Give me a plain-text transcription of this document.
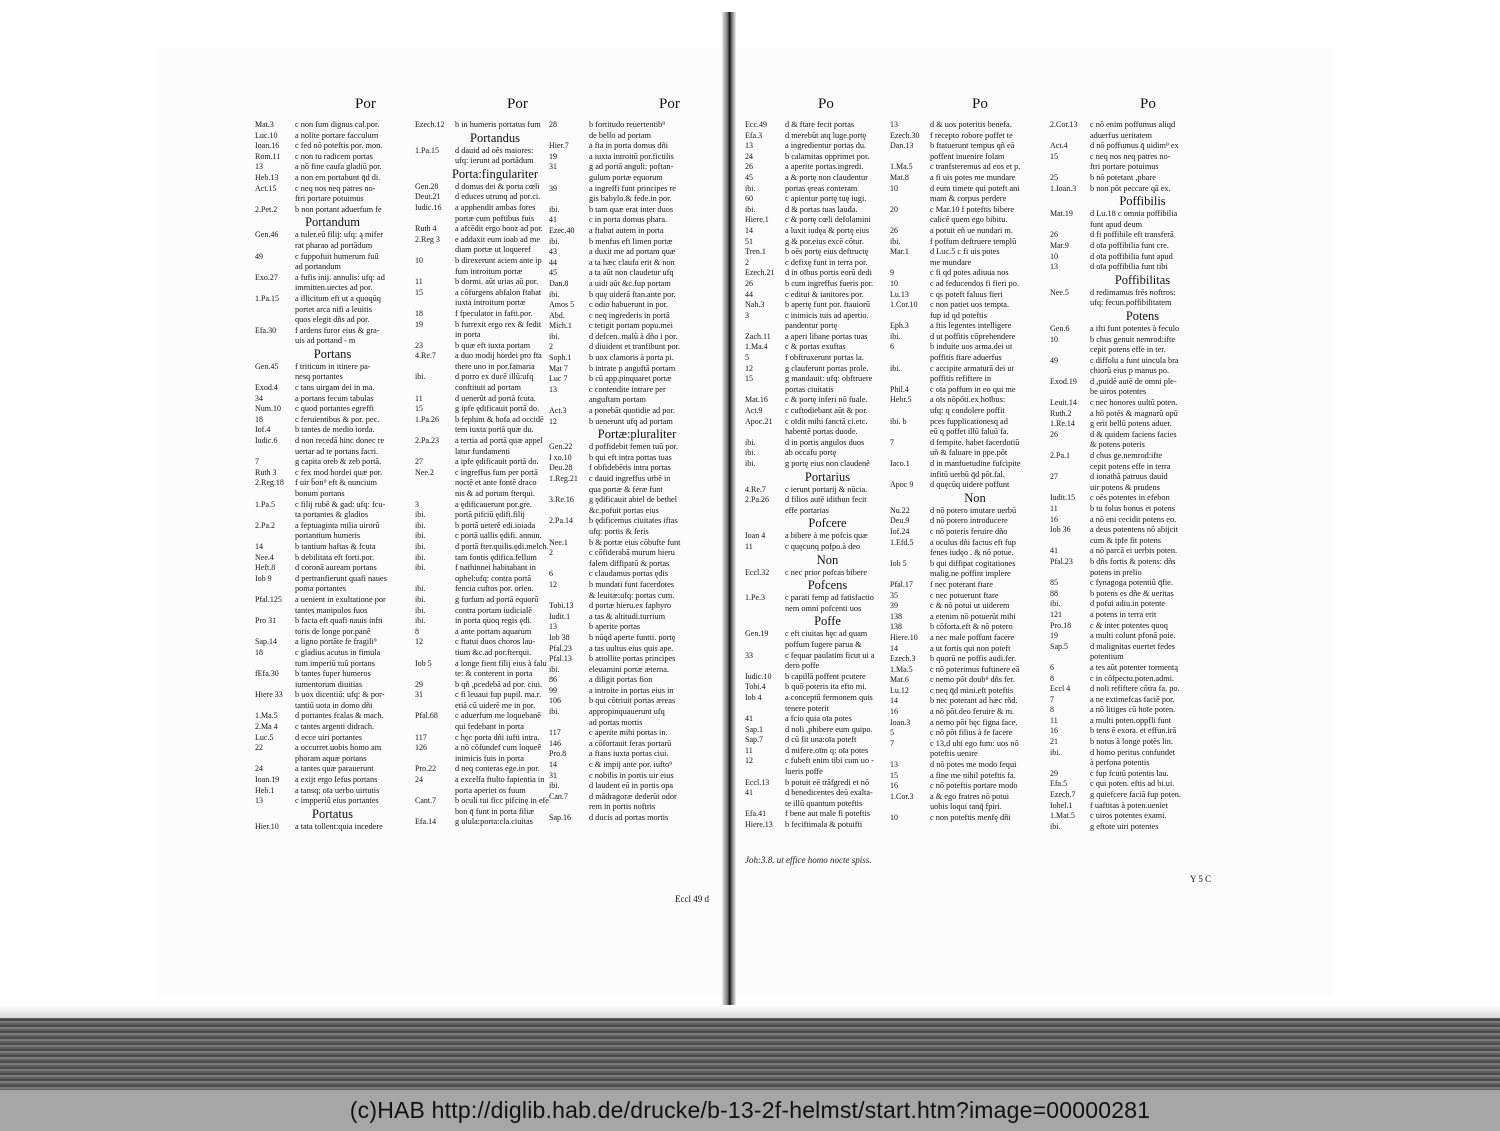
Por	Por	Por
Mat.3	c non fum dignus cal.por.
Luc.10 a nolite portare facculum
Ioan.16 c fed nō poteftis por. mon.
Rom.11 c non tu radicem portas
13	a nō fine caufa gladiū por.
Heb.13 a non em portabunt q̄d di.
Act.15 c neq nos neq patres no-
ftri portare potuimus
2.Pet.2 b non portant aduerfum fe
Portandum
Gen.46 a tuler.eū filij: ufq: ą mifer
rat pharao ad portādum
49	c fuppofuit humerum fuū
ad portandum
Exo.27 a fufis inij. annulis: ufq: ad
immitten.uectes ad por.
1.Pa.15 a illicitum eft ut a quoqūq
portet arca nifi a leuitis
quos elegit dñs ad por.
Efa.30 f ardens furor eius & gra-
uis ad portand - m
Portans
Gen.45 f triticum in itinere pa-
nesq portantes
Exod.4 c tans uirgam dei in ma.
34	a portans fecum tabulas
Num.10 c quod portantes egreffi
18	c feruientibus & por. pec.
Iof.4	b tantes de medio iorda.
Iudic.6 d non recedā hinc donec re
uertar ad te portans facri.
7	g capita oreb & zeb portā.
Ruth 3 c fex mod hordei quæ por.
2.Reg.18 f uir b̄on⁹ eft & nuncium
bonum portans
1.Pa.5 c filij rubē & gad: ufq: fcu-
ta portantes & gladios
2.Pa.2 a feptuaginta milia uirorū
portantium humeris
14	b tantium haftas & fcuta
Nee.4	b debilitata eft forti.por.
Heft.8 d coronā auream portans
Iob 9	d pertranfierunt quafi naues
poma portantes
Pfal.125 a uenient in exultatione por
tantes manipulos fuos
Pro 31 b facta eft quafi nauis infti
toris de longe por.panē
Sap.14 a ligno portāte fe fragili⁹
18	c gladius acutus in fimula
tum imperiū tuū portans
fEfa.30 b tantes fuper humeros
iumentorum diuitias
Hiere 33 b uox dicentiū: ufq: & por-
tantiū uota in domo dñi
1.Ma.5 d portantes fcalas & mach.
2.Ma 4 c tantes argenti didrach.
Luc.5	d ecce uiri portantes
22	a occurret uobis homo am
phoram aquæ portans
24	a tantes quæ parauerunt
Ioan.19 a exijt ergo Iefus portans
Heb.1 a tansq; oīa uerbo uirtutis
13	c impperiū eius portantes
Portatus
Hier.10 a tata tollent:quia incedere
Ezech.12 b in humeris portatus fum
Portandus
1.Pa.15 d dauid ad oēs maiores:
ufq: ierunt ad portādum
Porta:fingulariter
Gen.28 d domus dei & porta cœli
Deut.21 d educes utrunq ad por.ci.
Iudic.16 a apphendit ambas fores
portæ cum poftibus fuis
Ruth 4 a afcēdit ergo booz ad por.
2.Reg 3 e addaxit eum ioab ad me
diam portæ ut loqueref
10	b direxerunt aciem ante ip
fum introitum portæ
11	b dormi. aūt urias aū por.
15	a cōfurgens abfalon ftabat
iuxta introitum portæ
18	f fpeculator in fafti.por.
19	b furrexit ergo rex & fedit
in porta
23	b quæ eft iuxta portam
4.Re.7 a duo modij hordei pro fta
there uno in por.famaria
ibi.	d porro ex ducē illū:ufq
conftituit ad portam
11	d uenerūt ad portā fcuta.
15	g ipfe ędificauit portā do.
1.Pa.26 b fephim & hofa ad occidē
tem iuxta portā quæ du.
2.Pa.23 a tertia ad portā quæ appel
latur fundamenti
27	a ipfe ędificauit portā do.
Nee.2	c ingreffus fum per portā
noctē et ante fontē draco
nis & ad portam fterqui.
3	a ędificauerunt por.gre.
ibi.	portā pifciū ędifi.filij
ibi.	b portā ueterē edi.ioiada
ibi.	c portā uallis ędifi. annun.
ibi.	d portā fter.quilis.ędi.melch.
ibi.	tam fontis ędifica.fellum
ibi.	f nathinnei habitabant in
ophel:ufq: contra portā
ibi.	fencia cuftos por. orien.
ibi.	g furfum ad portā equorū
ibi.	contra portam iudicialē
ibi.	in porta quoq regis ędi.
8	a ante portam aquarum
12	c ftatui duos choros lau-
tium &c.ad por.fterqui.
Iob 5	a longe fient filij eius à falu
te: & conterent in porta
29	b qñ ,pcedebā ad por. ciui.
31	c fi leuaui fup pupil. ma.r.
etiā cū uiderē me in por.
Pfal.68 c aduerfum me loquebanē
qui fedebant in porta
117	c hęc porta dñi iufti intra.
126	a nō cōfundef cum loqueē
inimicis fuis in porta
Pro.22 d neq conteras ege.in por.
24	a excelfa ftulto fapientia in
porta aperiet os fuum
Cant.7 b oculi tui ficc pifcinę in efe
bon q̄ funt in porta filiæ
Efa.14 g ulula:porta:cla.ciuitas
28	b fortitudo reuertentib⁹
de bello ad portam
Hier.7 a fta in porta domus dñi
19	a iuxta introitū por.fictilis
31	g ad portā anguli: poftan-
gulum portæ equorum
39	a ingreffi funt principes re
gis babylo.& fede.in por.
ibi.	b tam quæ erat inter duos
41	c in porta domus phara.
Ezec.40 a ftabat autem in porta
ibi.	b menfus eft limen portæ
43	a duxit me ad portam quæ
44	a ta hæc claufa erit & non
45	a ta aūt non claudetur ufq
Dan.8 a uidi aūt &c.fup portam
ibi.	b quę uiderā ftan.ante por.
Amos 5 c odio habuerunt in por.
Abd.	c neq ingrederis in portā
Mich.1 c tetigit portam popu.mei
ibi.	d defcen. malū à dño i por.
2	d diuident et tranfibunt por.
Soph.1 b uox clamoris à porta pi.
Mat 7	b intrate p anguftā portam
Luc 7	b cū app.pinquaret portæ
13	c contendite intrare per
anguftam portam
Act.3	a ponebāt quotidie ad por.
12	b uenerunt ufq ad portam
Portæ:pluraliter
Gen.22 d poffidebit femen tuū por.
I xo.10 b qui eft intra portas tuas
Deu.28 f obfidebēris intra portas
1.Reg.21 c dauid ingreffus urbē in
qua portæ & feræ funt
3.Re.16 g ędificauit abiel de bethel
&c.pofuit portas eius
2.Pa.14 b ędificemus ciuitates iftas
ufq: portis & feris
Nee.1	b & portæ eius cōbufte funt
2	c cōfiderabā murum hieru
falem diffipatū & portas
6	c claudamus portas ędis
12	b mundati funt facerdotes
& leuitæ:ufq: portas cum.
Tobi.13 d portæ hieru.ex faphyro
Iudit.1 a tas & altitudi.turrium
13	b aperite portas
Iob 38 b nūqd aperte funtti. portę
Pfal.23 a tas uultus eius quis ape.
Pfal.13 b attollite portas principes
ibi.	eleuamini portæ æterna.
86	a diligit portas fion
99	a introite in portas eius in
106	b qui cōtriuit portas æreas
ibi.	appropinquauerunt ufq
ad portas mortis
117	c aperite mihi portas in.
146	a cōfortauit feras portarū
Pro.8	a ftans iuxta portas ciui.
14	c & impij ante por. iufto⁹
31	c nobilis in portis uir eius
ibi.	d laudent eū in portis opa
Can.7	d mādragoræ dederūt odor
rem in portis noftris
Sap.16 d ducis ad portas mortis
Eccl 49 d
Po	Po	Po
Ecc.49 d & ftare fecit portas
Efa.3	d merebūt atq luge.portę
13	a ingredientur portas du.
24	b calamitas opprimet por.
26	a aperite portas.ingredi.
45	a & portę non claudentur
ibi.	portas ęreas conteram
60	c apientur portę tuę iugi.
ibi.	d & portas tuas lauda.
Hiere.1 c & portę cœli defolamini
14	a luxit iudęa & portę eius
51	g & por.eius excē cōtur.
Tren.1 b oēs portę eius deftructę
2	c defixę funt in terra por.
Ezech.21 d in oībus portis eorū dedi
26	b cum ingreffus fueris por.
44	c editui & ianitores por.
Nah.3 b apertę funt por. ftauiorū
3	c inimicis tuis ad apertio.
pandentur portę
Zach.11 a aperi libane portas tuas
1.Ma.4 c & portas exuftas
5	f obftruxerunt portas la.
12	g clauferunt portas prole.
15	g mandauit: ufq: obftruere
portas ciuitatis
Mat.16 c & portę inferi nō fuale.
Act.9	c cuftodiebant aūt & por.
Apoc.21 c oīdit mihi fanctā ci.etc.
habentē portas duode.
ibi.	d in portis angulos duos
ibi.	ab occafu portę
ibi.	g portę eius non claudenē
Portarius
4.Re.7 c ierunt portarij & nūcia.
2.Pa.26 d filios autē idithun fecit
effe portarias
Pofcere
Ioan 4 a bibere à me pofcis quæ
11	c quęcunq pofpo.à deo
Non
Eccl.32 c nec prior pofcas bibere
Pofcens
1.Pe.3 c parati femp ad fatisfactio
nem omni pofcenti uos
Poffe
Gen.19 c eft ciuitas hęc ad quam
poffum fugere parua &
33	c fequar paulatim ficut ui a
dero poffe
Iudic.10 b capillā poffent pcutere
Tobi.4 b quō poteris ita efto mi.
Iob 4	a conceptū fermonem quis
tenere poterit
41	a fcio quia oīa potes
Sap.1	d noli ,phibere eum quipo.
Sap.7	d cū fit una:oīa poteft
11	d mifere.oīm q: oīa potes
12	c fubeft enim tibi cum uo -
lueris poffe
Eccl.13 b potuit eē trāfgredi et nō
41	d benedicentes deū exalta-
te illū quantum poteftis
Efa.41 f bene aut male fi poteftis
Hiere.13 b feciftimala & potuifti
13	d & uos poteritis benefa.
Ezech.30 f recepto robore poffet te
Dan.13 b ftatuerunt tempus qñ eā
poffent inuenire folam
1.Ma.5 c tranfsteremus ad eos et p.
Mat.8	a fi uis potes me mundare
10	d eum timete qui poteft ani
mam & corpus perdere
20	c Mar.10 f poteftis bibere
calicē quem ego bibitu.
26	a potuit eñ ue nundari m.
ibi.	f poffum deftruere templū
Mar.1	d Luc.5 c fi uis potes
me mundare
9	c fi qd potes adiuua nos
10	c ad feducendos fi fieri po.
Lu.13	c qs poteft faluus fieri
1.Cor.10 c non patiet uos tempta.
fup id qd poteftis
Eph.3	a ftis legentes intelligere
ibi.	d ut poffitis cōprehendere
6	b induite uos arma.dei ut
poffitis ftare aduerfus
ibi.	c accipite armaturā dei ut
poffitis refiftere in
Phil.4	c oīa poffum in eo qui me
Hebr.5 a oīs nōpōti.ex hoībus:
ufq: q condolere poffit
ibi. b	pces fupplicationesq ad
eū q poffet illū faluū fa.
7	d fempite. habet facerdotiū
uñ & faluare in ppe.pōt
Iaco.1 d in manfuetudine fufcipite
infitū uerbū q̄d pōt.fal.
Apoc 9 d quęcūq uidere poffunt
Non
Nu.22 d nō potero imutare uerbū
Deu.9 d nō potero introducere
Iof.24 c nō poteris feruire dño
1.Efd.5 a oculus dñi factus eft fup
fenes iudęo . & nō potue.
Iob 5	b qui diffipat cogitationes
malig.ne poffint implere
Pfal.17 f nec poterant ftare
35	c nec potuerunt ftare
39	c & nō potui ut uiderem
138	a etenim nō potuerūt mihi
138	b cōforta.eft & nō potero
Hiere.10 a nec male poffunt facere
14	a ut fortis qui non poteft
Ezech.3 b quorū ne poffis audi.fer.
1.Ma.5 c nō poterimus fuftinere eā
Mat.6	c nemo pōt doub⁹ dñs fer.
Lu.12	c neq q̄d mini.eft poteftis
14	b nec poterant ad hæc rñd.
16	a nō pōt.deo feruire & m.
Ioan.3 a nemo pōt hęc figna face.
5	c nō pōt filius à fe facere
7	c 13,d ubi ego fum: uos nō
poteftis uenire
13	d nō potes me modo fequi
15	a fine me nihil poteftis fa.
16	c nō poteftis portare modo
1.Cor.3 a & ego fratres nō potui
uobis loqui tanq̃ fpiri.
10	c non poteftis menfę dñi
2.Cor.13 c nō enim poffumus aliqd
aduerfus ueritatem
Act.4	d nō poffumus q̄ uidim⁹ ex
15	c neq nos neq patres no-
ftri portare potuimus
25	b nō potetant ,pbare
1.Ioan.3 b non pōt peccare qā ex.
Poffibilis
Mat.19 d Lu.18 c omnia poffibilia
funt apud deum
26	d fi poffibile eft transferā
Mar.9	d oīa poffibilia funt cre.
10	d oīa poffibilia funt apud
13	d oīa poffibilia funt tibi
Poffibilitas
Nee.5	d redimamus frēs noftros:
ufq: fecun.poffibilitatem
Potens
Gen.6 a ifti funt potentes à feculo
10	b chus genuit nemrod:ifte
cepit potens effe in ter.
49	c diffolu a funt uincula bra
chiorū eius p manus po.
Exod.19 d ,puidē autē de omni ple-
be uiros potentes
Leuit.14 c nec honores uultū poten.
Ruth.2 a hō potēs & magnarū opū
1.Re.14 g erit bellū potens aduer.
26	d & quidem faciens facies
& potens poteris
2.Pa.1 d chus ge.nemrod:ifte
cepit potens effe in terra
27	d ionathā patruus dauid
uir potens & prudens
Iudit.15 c oēs potentes in efebon
11	b tu folus bonus et potens
16	a nō eni cecidit potens eo.
Iob 36 a deus potentens nō abijcit
cum & ipfe fit potens
41	a nō parcā ei uerbis poten.
Pfal.23 b dñs fortis & potens: dñs
potens in prelio
85	c fynagoga potentiū q̄fie.
88	b potens es dñe & ueritas
ibi.	d pofui adiu.in potente
121	a potens in terra erit
Pro.18 c & inter potentes quoq
19	a multi colunt pfonā poie.
Sap.5	d malignitas euertet fedes
potentium
6	a tes aūt potenter tormentą
8	c in cōfpectu.poten.admi.
Eccl 4 d noli refiftere cōtra fa. po.
7	a ne extimefcas faciē por.
8	a nō litiges cū hoīe poten.
11	a multi poten.oppfli funt
16	b tens ē exora. et effun.irā
21	b notus à longe potēs lin.
ibi.	d homo peritus confundet
à perfona potentis
29	c fup fcutū potentis lau.
Efa.5	c qui poten. eftis ad bi.ui.
Ezech.7 g quiefcere faciā fup poten.
Iohel.1 f uaftitas à poten.ueniet
1.Mat.5 c uiros potentes exami.
ibi.	g eftote uiri potentes
Y 5 C
Joh:3.8. ut effice homo nocte spiss.
(c)HAB http://diglib.hab.de/drucke/b-13-2f-helmst/start.htm?image=00000281
